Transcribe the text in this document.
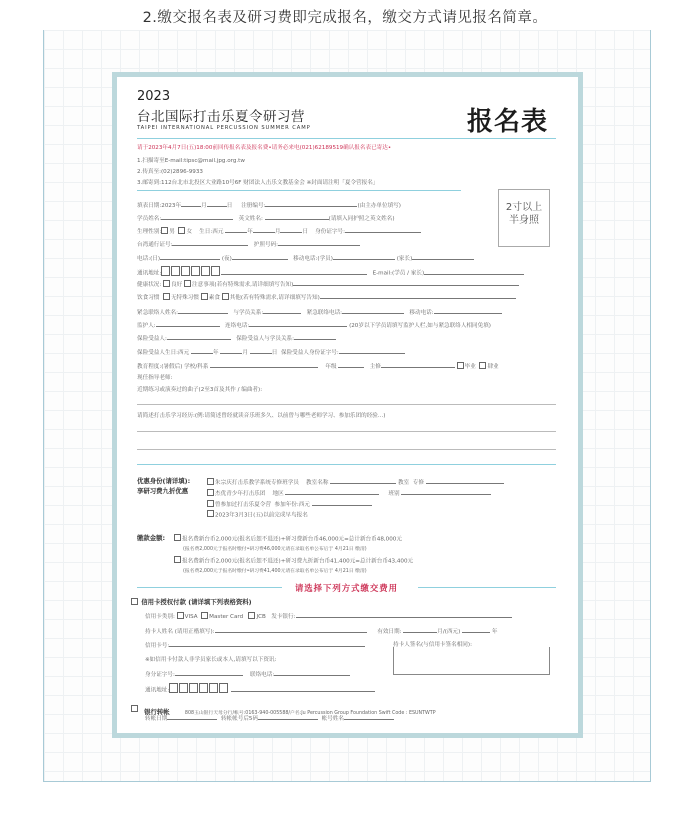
2.缴交报名表及研习费即完成报名，缴交方式请见报名简章。
2023
台北国际打击乐夏令研习营
TAIPEI INTERNATIONAL PERCUSSION SUMMER CAMP	报名表
请于2023年4月7日(五)18:00前回传报名表及报名费•请务必来电(021)62189519确认报名表已寄达•
1.扫描寄至E-mail:tipsc@mail.jpg.org.tw
2.传真至:(02)2896-9933
3.邮寄到:112台北市北投区大业路10号6F 财团法人击乐文教基金会 ※封面请注明「夏令营报名」
2寸以上
半身照
填表日期:2023年	月	日 注册编号:	(由主办单位填写)
学员姓名:	英文姓名:	(请填入同护照之英文姓名)
生理性别: 男 女 生日:西元	年	月	日 身份证字号:
台湾通行证号:	护照号码:
电话:(日)	(夜)	移动电话:(学员)	(家长)
通讯地址:	E-mail:(学员 / 家长)
健康状况: 良好 注意事项(若有特殊需求,请详细填写告知)
饮食习惯 无特殊习惯 素食 其他(若有特殊需求,请详细填写告知)
紧急联络人姓名:	与学员关系:	紧急联络电话:	移动电话:
监护人:	连络电话:	(20岁以下学员请填写监护人栏,如与紧急联络人相同免填)
保险受益人:	保险受益人与学员关系:
保险受益人生日:西元	年	月	日 保险受益人身份证字号:
教育程度:(暑假后) 学校/科系	年级	主修	毕业 肄业
现任指导老师:
近期练习或演奏过的曲子(2至3首及其作 / 编曲者):
请简述打击乐学习经历:(例:请简述曾经就读音乐班多久、以前曾与哪些老师学习、参加乐团的经验...)
优惠身份(请详填):
享研习费九折优惠
朱宗庆打击乐教学系统专修班学员 教室名称	教室 专修
杰优青少年打击乐团 地区	班别
曾参加过打击乐夏令营 参加年份:西元
2023年3月3日(五)以前完成早鸟报名
缴款金额:	报名费新台币2,000元(报名后恕不退还)+研习费新台币46,000元=总计新台币48,000元
(报名费2,000元于报名时缴付•研习费46,000元请在录取名单公布后于 4月21日 缴清)
报名费新台币2,000元(报名后恕不退还)+研习费九折新台币41,400元=总计新台币43,400元
(报名费2,000元于报名时缴付•研习费41,400元请在录取名单公布后于 4月21日 缴清)
请选择下列方式缴交费用
信用卡授权付款 (请详填下列表格资料)
信用卡类别: VISA Master Card JCB 发卡银行:
持卡人姓名 (请用正楷填写):	有效日期:	月/(西元)	年
信用卡号:	持卡人签名(与信用卡签名相同):
※如信用卡付款人非学员家长或本人,请填写以下资讯:
身分证字号:	联络电话:
通讯地址:
银行转帐	808玉山银行天母分行/帐号:0163-940-005588/户名:Ju Percussion Group Foundation Swift Code : ESUNTWTP
转帐日期	转帐帐号后5码	帐号姓名
